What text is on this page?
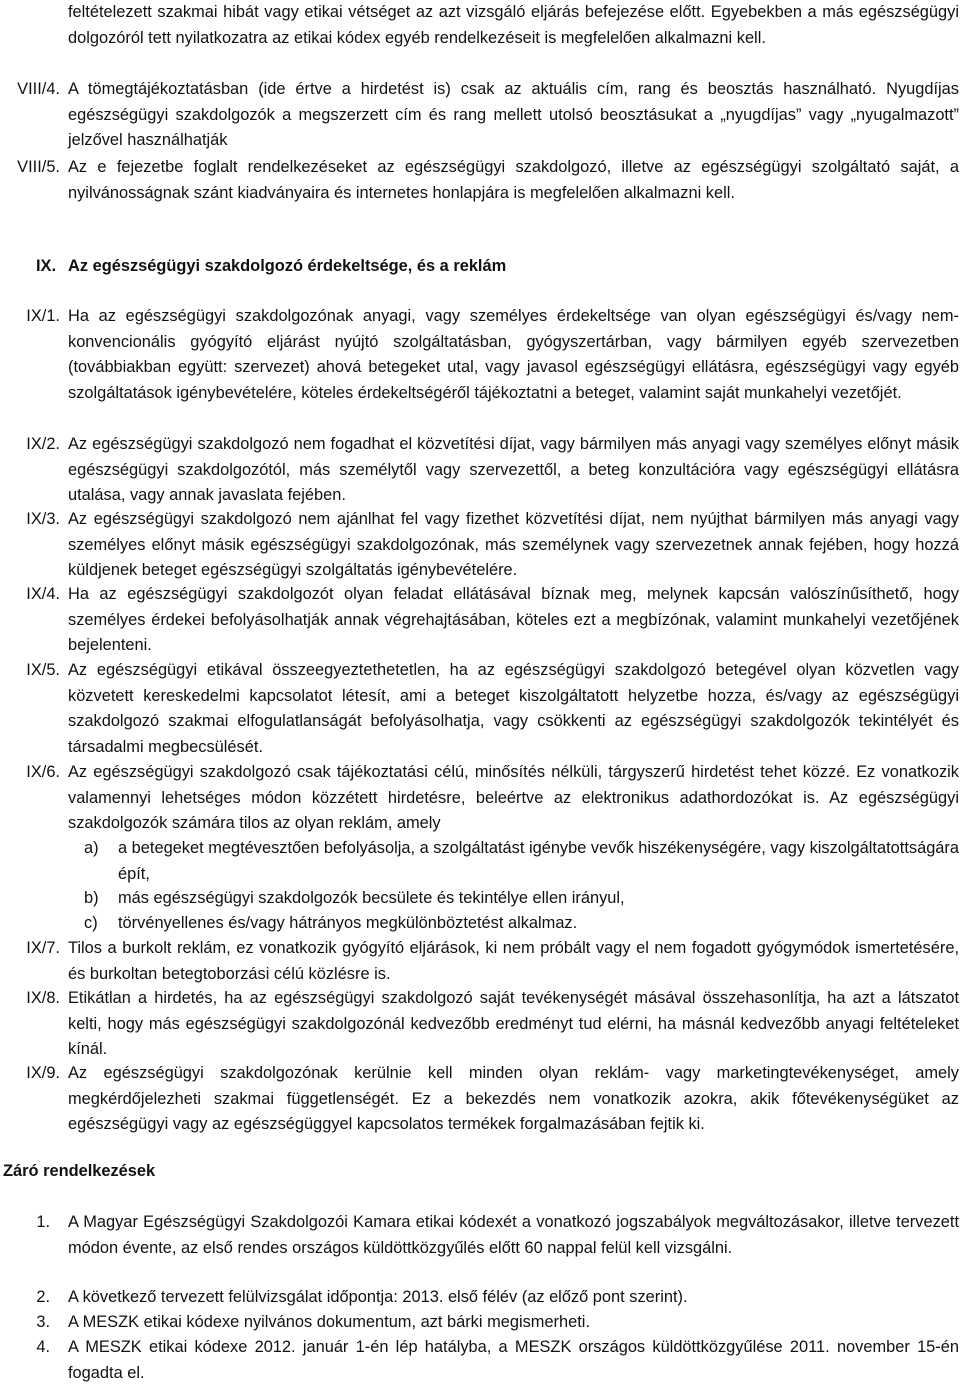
feltételezett szakmai hibát vagy etikai vétséget az azt vizsgáló eljárás befejezése előtt. Egyebekben a más egészségügyi dolgozóról tett nyilatkozatra az etikai kódex egyéb rendelkezéseit is megfelelően alkalmazni kell.
VIII/4. A tömegtájékoztatásban (ide értve a hirdetést is) csak az aktuális cím, rang és beosztás használható. Nyugdíjas egészségügyi szakdolgozók a megszerzett cím és rang mellett utolsó beosztásukat a „nyugdíjas” vagy „nyugalmazott” jelzővel használhatják
VIII/5. Az e fejezetbe foglalt rendelkezéseket az egészségügyi szakdolgozó, illetve az egészségügyi szolgáltató saját, a nyilvánosságnak szánt kiadványaira és internetes honlapjára is megfelelően alkalmazni kell.
IX. Az egészségügyi szakdolgozó érdekeltsége, és a reklám
IX/1. Ha az egészségügyi szakdolgozónak anyagi, vagy személyes érdekeltsége van olyan egészségügyi és/vagy nem-konvencionális gyógyító eljárást nyújtó szolgáltatásban, gyógyszertárban, vagy bármilyen egyéb szervezetben (továbbiakban együtt: szervezet) ahová betegeket utal, vagy javasol egészségügyi ellátásra, egészségügyi vagy egyéb szolgáltatások igénybevételére, köteles érdekeltségéről tájékoztatni a beteget, valamint saját munkahelyi vezetőjét.
IX/2. Az egészségügyi szakdolgozó nem fogadhat el közvetítési díjat, vagy bármilyen más anyagi vagy személyes előnyt másik egészségügyi szakdolgozótól, más személytől vagy szervezettől, a beteg konzultációra vagy egészségügyi ellátásra utalása, vagy annak javaslata fejében.
IX/3. Az egészségügyi szakdolgozó nem ajánlhat fel vagy fizethet közvetítési díjat, nem nyújthat bármilyen más anyagi vagy személyes előnyt másik egészségügyi szakdolgozónak, más személynek vagy szervezetnek annak fejében, hogy hozzá küldjenek beteget egészségügyi szolgáltatás igénybevételére.
IX/4. Ha az egészségügyi szakdolgozót olyan feladat ellátásával bíznak meg, melynek kapcsán valószínűsíthető, hogy személyes érdekei befolyásolhatják annak végrehajtásában, köteles ezt a megbízónak, valamint munkahelyi vezetőjének bejelenteni.
IX/5. Az egészségügyi etikával összeegyeztethetetlen, ha az egészségügyi szakdolgozó betegével olyan közvetlen vagy közvetett kereskedelmi kapcsolatot létesít, ami a beteget kiszolgáltatott helyzetbe hozza, és/vagy az egészségügyi szakdolgozó szakmai elfogulatlanságát befolyásolhatja, vagy csökkenti az egészségügyi szakdolgozók tekintélyét és társadalmi megbecsülését.
IX/6. Az egészségügyi szakdolgozó csak tájékoztatási célú, minősítés nélküli, tárgyszerű hirdetést tehet közzé. Ez vonatkozik valamennyi lehetséges módon közzétett hirdetésre, beleértve az elektronikus adathordozókat is. Az egészségügyi szakdolgozók számára tilos az olyan reklám, amely
a) a betegeket megtévesztően befolyásolja, a szolgáltatást igénybe vevők hiszékenységére, vagy kiszolgáltatottságára épít,
b) más egészségügyi szakdolgozók becsülete és tekintélye ellen irányul,
c) törvényellenes és/vagy hátrányos megkülönböztetést alkalmaz.
IX/7. Tilos a burkolt reklám, ez vonatkozik gyógyító eljárások, ki nem próbált vagy el nem fogadott gyógymódok ismertetésére, és burkoltan betegtoborzási célú közlésre is.
IX/8. Etikátlan a hirdetés, ha az egészségügyi szakdolgozó saját tevékenységét másával összehasonlítja, ha azt a látszatot kelti, hogy más egészségügyi szakdolgozónál kedvezőbb eredményt tud elérni, ha másnál kedvezőbb anyagi feltételeket kínál.
IX/9. Az egészségügyi szakdolgozónak kerülnie kell minden olyan reklám- vagy marketingtevékenységet, amely megkérdőjelezheti szakmai függetlenségét. Ez a bekezdés nem vonatkozik azokra, akik főtevékenységüket az egészségügyi vagy az egészségüggyel kapcsolatos termékek forgalmazásában fejtik ki.
Záró rendelkezések
1. A Magyar Egészségügyi Szakdolgozói Kamara etikai kódexét a vonatkozó jogszabályok megváltozásakor, illetve tervezett módon évente, az első rendes országos küldöttközgyűlés előtt 60 nappal felül kell vizsgálni.
2. A következő tervezett felülvizsgálat időpontja: 2013. első félév (az előző pont szerint).
3. A MESZK etikai kódexe nyilvános dokumentum, azt bárki megismerheti.
4. A MESZK etikai kódexe 2012. január 1-én lép hatályba, a MESZK országos küldöttközgyűlése 2011. november 15-én fogadta el.
